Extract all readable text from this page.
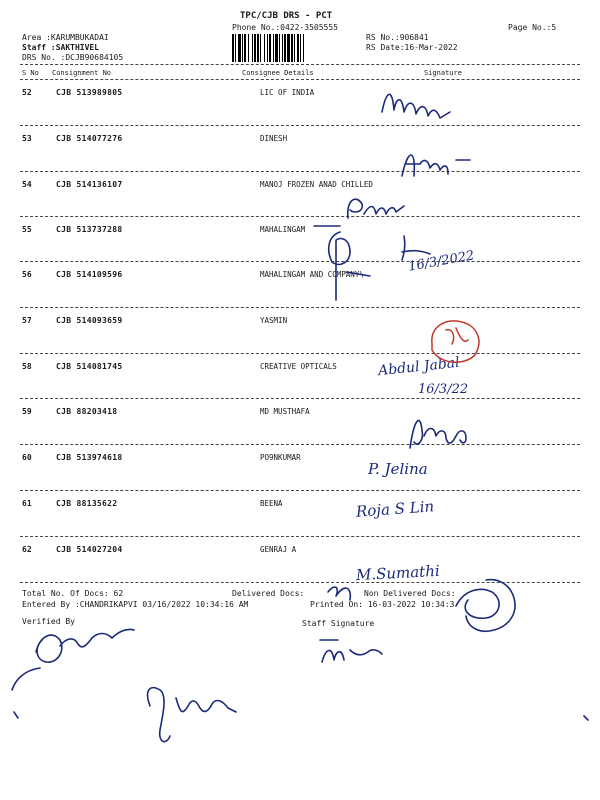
TPC/CJB DRS - PCT
Phone No.:0422-3505555	Page No.:5
Area :KARUMBUKADAI
Staff :SAKTHIVEL
DRS No. :DCJB90684105
RS No.:906841
RS Date:16-Mar-2022
S No Consignment No	Consignee Details	Signature
52	CJB 513989805	LIC OF INDIA
53	CJB 514077276	DINESH
54	CJB 514136107	MANOJ FROZEN ANAD CHILLED
55	CJB 513737288	MAHALINGAM
56	CJB 514109596	MAHALINGAM AND COMPANY\
57	CJB 514093659	YASMIN
58	CJB 514081745	CREATIVE OPTICALS
59	CJB 88203418	MD MUSTHAFA
60	CJB 513974618	PO9NKUMAR
61	CJB 88135622	BEENA
62	CJB 514027204	GENRAJ A
Total No. Of Docs: 62	Delivered Docs:	Non Delivered Docs:
Entered By :CHANDRIKAPVI 03/16/2022 10:34:16 AM	Printed On: 16-03-2022 10:34:3
Verified By	Staff Signature
16/3/2022
Abdul Jabal
16/3/22
P. Jelina
Roja S Lin
M.Sumathi
